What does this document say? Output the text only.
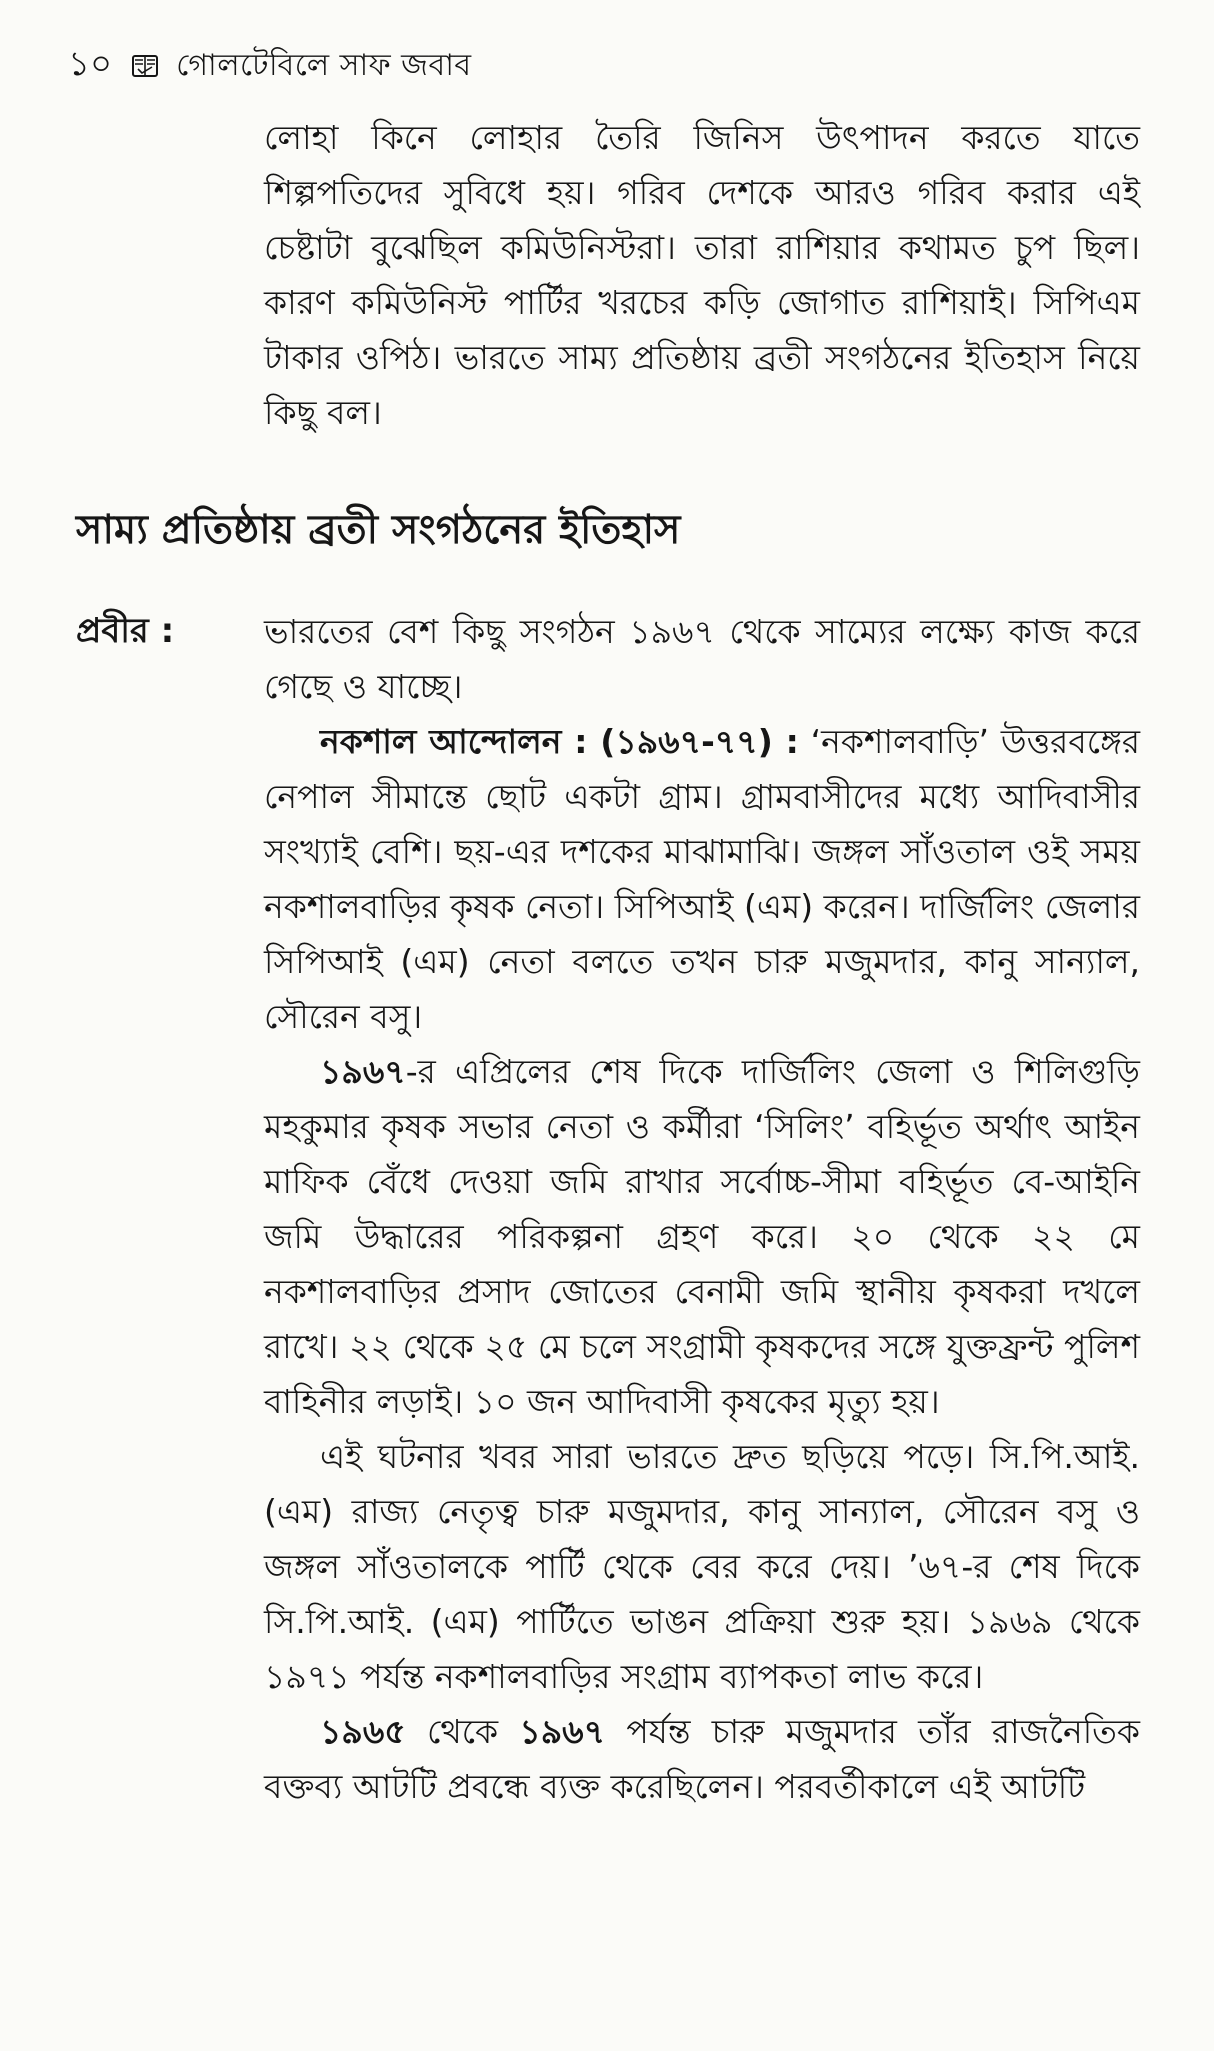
১০ গোলটেবিলে সাফ জবাব

লোহা কিনে লোহার তৈরি জিনিস উৎপাদন করতে যাতে শিল্পপতিদের সুবিধে হয়। গরিব দেশকে আরও গরিব করার এই চেষ্টাটা বুঝেছিল কমিউনিস্টরা। তারা রাশিয়ার কথামত চুপ ছিল। কারণ কমিউনিস্ট পার্টির খরচের কড়ি জোগাত রাশিয়াই। সিপিএম টাকার ওপিঠ। ভারতে সাম্য প্রতিষ্ঠায় ব্রতী সংগঠনের ইতিহাস নিয়ে কিছু বল।

সাম্য প্রতিষ্ঠায় ব্রতী সংগঠনের ইতিহাস
প্রবীর :	ভারতের বেশ কিছু সংগঠন ১৯৬৭ থেকে সাম্যের লক্ষ্যে কাজ করে গেছে ও যাচ্ছে।

নকশাল আন্দোলন : (১৯৬৭-৭৭) : ‘নকশালবাড়ি’ উত্তরবঙ্গের নেপাল সীমান্তে ছোট একটা গ্রাম। গ্রামবাসীদের মধ্যে আদিবাসীর সংখ্যাই বেশি। ছয়-এর দশকের মাঝামাঝি। জঙ্গল সাঁওতাল ওই সময় নকশালবাড়ির কৃষক নেতা। সিপিআই (এম) করেন। দার্জিলিং জেলার সিপিআই (এম) নেতা বলতে তখন চারু মজুমদার, কানু সান্যাল, সৌরেন বসু।

১৯৬৭-র এপ্রিলের শেষ দিকে দার্জিলিং জেলা ও শিলিগুড়ি মহকুমার কৃষক সভার নেতা ও কর্মীরা ‘সিলিং’ বহির্ভূত অর্থাৎ আইন মাফিক বেঁধে দেওয়া জমি রাখার সর্বোচ্চ-সীমা বহির্ভূত বে-আইনি জমি উদ্ধারের পরিকল্পনা গ্রহণ করে। ২০ থেকে ২২ মে নকশালবাড়ির প্রসাদ জোতের বেনামী জমি স্থানীয় কৃষকরা দখলে রাখে। ২২ থেকে ২৫ মে চলে সংগ্রামী কৃষকদের সঙ্গে যুক্তফ্রন্ট পুলিশ বাহিনীর লড়াই। ১০ জন আদিবাসী কৃষকের মৃত্যু হয়।

এই ঘটনার খবর সারা ভারতে দ্রুত ছড়িয়ে পড়ে। সি.পি.আই. (এম) রাজ্য নেতৃত্ব চারু মজুমদার, কানু সান্যাল, সৌরেন বসু ও জঙ্গল সাঁওতালকে পার্টি থেকে বের করে দেয়। ’৬৭-র শেষ দিকে সি.পি.আই. (এম) পার্টিতে ভাঙন প্রক্রিয়া শুরু হয়। ১৯৬৯ থেকে ১৯৭১ পর্যন্ত নকশালবাড়ির সংগ্রাম ব্যাপকতা লাভ করে।

১৯৬৫ থেকে ১৯৬৭ পর্যন্ত চারু মজুমদার তাঁর রাজনৈতিক বক্তব্য আটটি প্রবন্ধে ব্যক্ত করেছিলেন। পরবর্তীকালে এই আটটি
